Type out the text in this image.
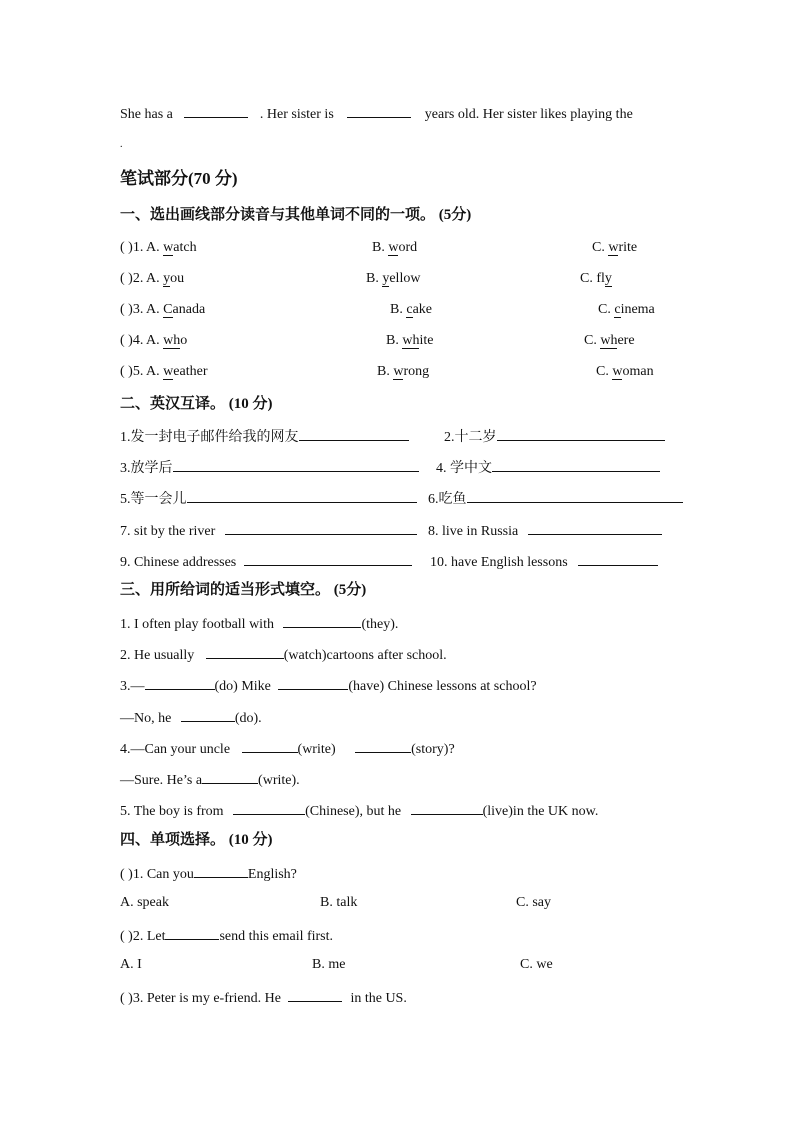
She has a	. Her sister is	years old. Her sister likes playing the
.
笔试部分(70 分)
一、选出画线部分读音与其他单词不同的一项。 (5分)
( )1. A. watch	B. word	C. write
( )2. A. you	B. yellow	C. fly
( )3. A. Canada	B. cake	C. cinema
( )4. A. who	B. white	C. where
( )5. A. weather	B. wrong	C. woman
二、英汉互译。 (10 分)
1.发一封电子邮件给我的网友	2.十二岁
3.放学后	4. 学中文
5.等一会儿	6.吃鱼
7. sit by the river	8. live in Russia
9. Chinese addresses	10. have English lessons
三、用所给词的适当形式填空。 (5分)
1. I often play football with	(they).
2. He usually	(watch)cartoons after school.
3.—	(do) Mike	(have) Chinese lessons at school?
—No, he	(do).
4.—Can your uncle	(write)	(story)?
—Sure. He’s a	(write).
5. The boy is from	(Chinese), but he	(live)in the UK now.
四、单项选择。 (10 分)
( )1. Can you	English?
A. speak	B. talk	C. say
( )2. Let	send this email first.
A. I	B. me	C. we
( )3. Peter is my e-friend. He	in the US.
